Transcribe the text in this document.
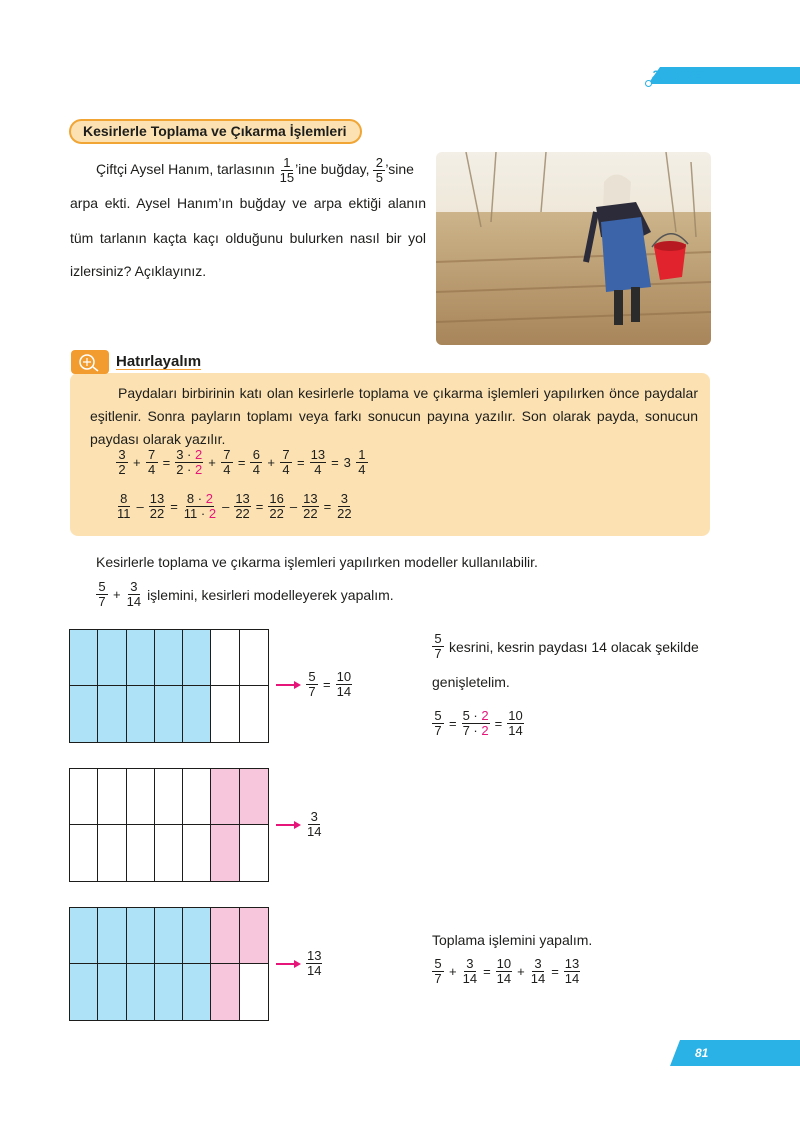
2. ÜNİTE
Kesirlerle Toplama ve Çıkarma İşlemleri
Çiftçi Aysel Hanım, tarlasının $\frac{1}{15}$ ’ine buğday, $\frac{2}{5}$ ’sine
arpa ekti. Aysel Hanım’ın buğday ve arpa ektiği alanın
tüm tarlanın kaçta kaçı olduğunu bulurken nasıl bir yol
izlersiniz? Açıklayınız.
Hatırlayalım
Paydaları birbirinin katı olan kesirlerle toplama ve çıkarma işlemleri yapılırken önce paydalar eşitlenir. Sonra payların toplamı veya farkı sonucun payına yazılır. Son olarak payda, sonucun paydası olarak yazılır.
$\frac{3}{2} + \frac{7}{4} = \frac{3 \cdot 2}{2 \cdot 2} + \frac{7}{4} = \frac{6}{4} + \frac{7}{4} = \frac{13}{4} = 3 \frac{1}{4}$
$\frac{8}{11} - \frac{13}{22} = \frac{8 \cdot 2}{11 \cdot 2} - \frac{13}{22} = \frac{16}{22} - \frac{13}{22} = \frac{3}{22}$
Kesirlerle toplama ve çıkarma işlemleri yapılırken modeller kullanılabilir.
$\frac{5}{7} + \frac{3}{14}$ işlemini, kesirleri modelleyerek yapalım.
$\frac{5}{7} = \frac{10}{14}$
$\frac{3}{14}$
$\frac{13}{14}$
$\frac{5}{7}$ kesrini, kesrin paydası 14 olacak şekilde
genişletelim.
$\frac{5}{7} = \frac{5 \cdot 2}{7 \cdot 2} = \frac{10}{14}$
Toplama işlemini yapalım.
$\frac{5}{7} + \frac{3}{14} = \frac{10}{14} + \frac{3}{14} = \frac{13}{14}$
81
